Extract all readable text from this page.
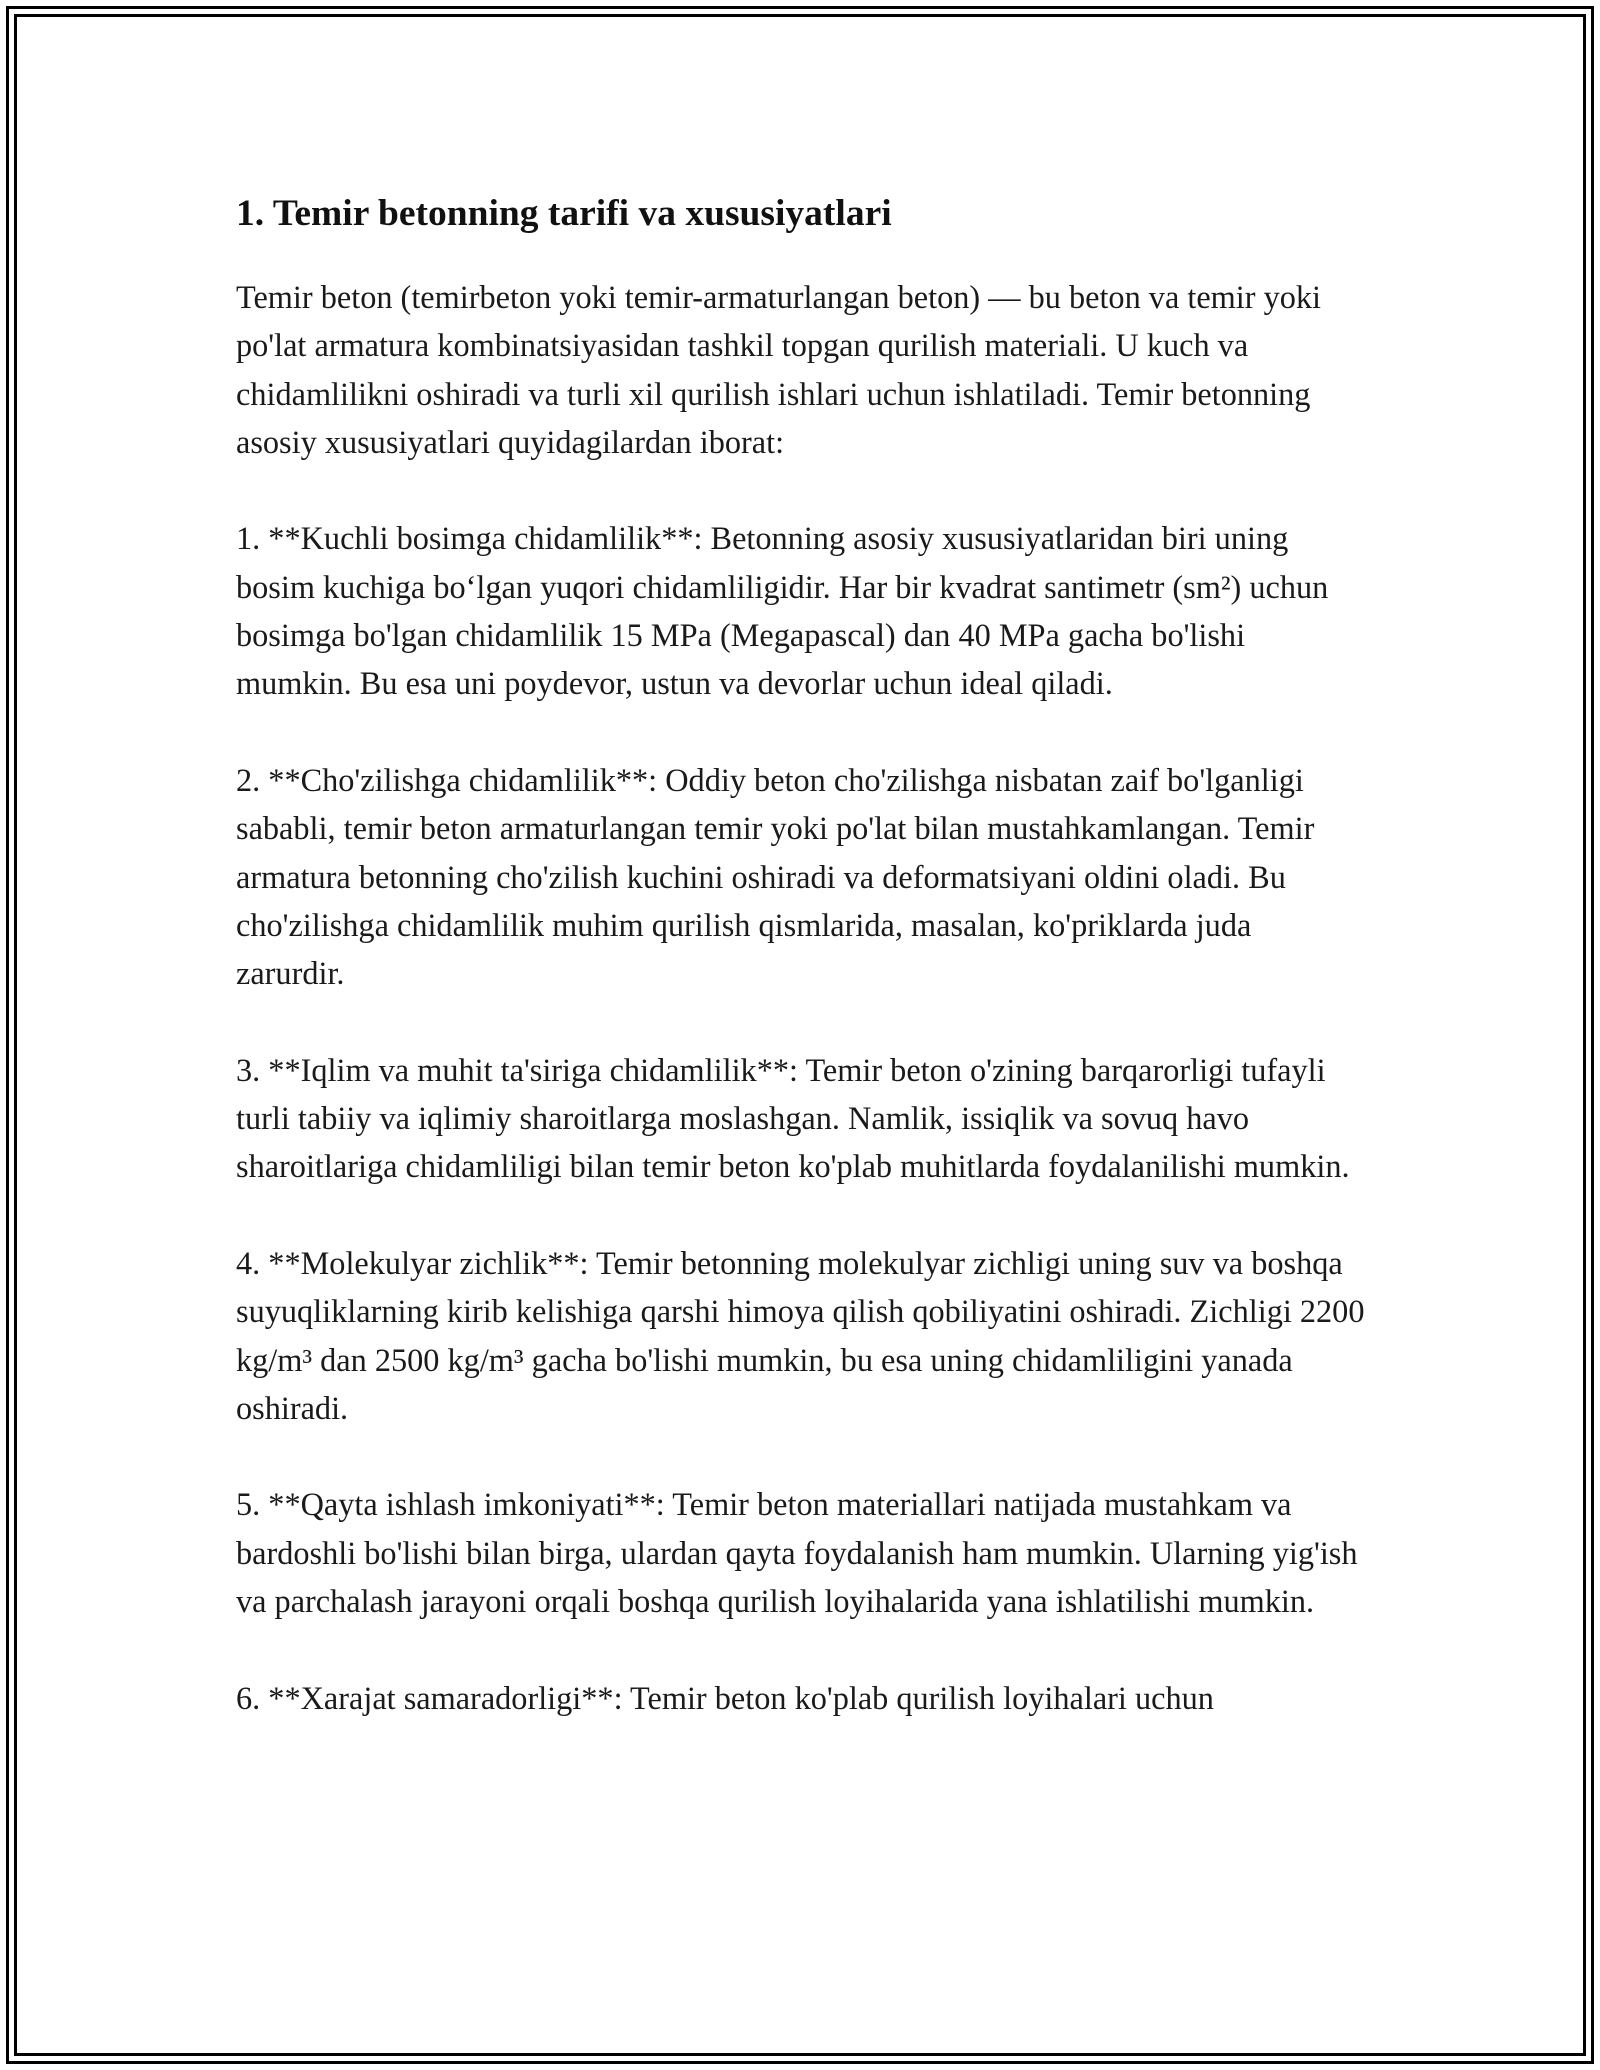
1. Temir betonning tarifi va xususiyatlari

Temir beton (temirbeton yoki temir-armaturlangan beton) — bu beton va temir yoki po'lat armatura kombinatsiyasidan tashkil topgan qurilish materiali. U kuch va chidamlilikni oshiradi va turli xil qurilish ishlari uchun ishlatiladi. Temir betonning asosiy xususiyatlari quyidagilardan iborat:

1. **Kuchli bosimga chidamlilik**: Betonning asosiy xususiyatlaridan biri uning bosim kuchiga boʻlgan yuqori chidamliligidir. Har bir kvadrat santimetr (sm²) uchun bosimga bo'lgan chidamlilik 15 MPa (Megapascal) dan 40 MPa gacha bo'lishi mumkin. Bu esa uni poydevor, ustun va devorlar uchun ideal qiladi.

2. **Cho'zilishga chidamlilik**: Oddiy beton cho'zilishga nisbatan zaif bo'lganligi sababli, temir beton armaturlangan temir yoki po'lat bilan mustahkamlangan. Temir armatura betonning cho'zilish kuchini oshiradi va deformatsiyani oldini oladi. Bu cho'zilishga chidamlilik muhim qurilish qismlarida, masalan, ko'priklarda juda zarurdir.

3. **Iqlim va muhit ta'siriga chidamlilik**: Temir beton o'zining barqarorligi tufayli turli tabiiy va iqlimiy sharoitlarga moslashgan. Namlik, issiqlik va sovuq havo sharoitlariga chidamliligi bilan temir beton ko'plab muhitlarda foydalanilishi mumkin.

4. **Molekulyar zichlik**: Temir betonning molekulyar zichligi uning suv va boshqa suyuqliklarning kirib kelishiga qarshi himoya qilish qobiliyatini oshiradi. Zichligi 2200 kg/m³ dan 2500 kg/m³ gacha bo'lishi mumkin, bu esa uning chidamliligini yanada oshiradi.

5. **Qayta ishlash imkoniyati**: Temir beton materiallari natijada mustahkam va bardoshli bo'lishi bilan birga, ulardan qayta foydalanish ham mumkin. Ularning yig'ish va parchalash jarayoni orqali boshqa qurilish loyihalarida yana ishlatilishi mumkin.

6. **Xarajat samaradorligi**: Temir beton ko'plab qurilish loyihalari uchun
